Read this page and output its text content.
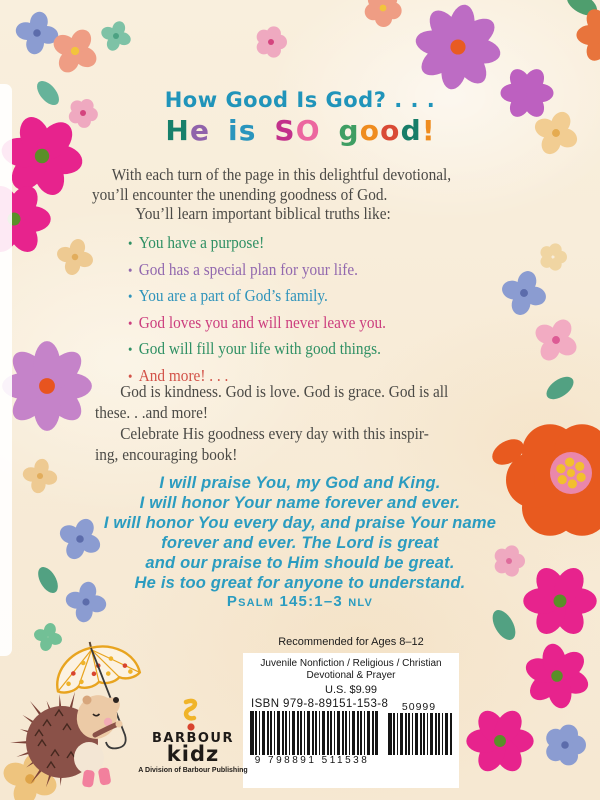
How Good Is God? . . .
He is SO good!
With each turn of the page in this delightful devotional,
you’ll encounter the unending goodness of God.
You’ll learn important biblical truths like:
• You have a purpose!
• God has a special plan for your life.
• You are a part of God’s family.
• God loves you and will never leave you.
• God will fill your life with good things.
• And more! . . .
God is kindness. God is love. God is grace. God is all
these. . .and more!
Celebrate His goodness every day with this inspir-
ing, encouraging book!
I will praise You, my God and King.
I will honor Your name forever and ever.
I will honor You every day, and praise Your name
forever and ever. The Lord is great
and our praise to Him should be great.
He is too great for anyone to understand.
Psalm 145:1–3 nlv
Recommended for Ages 8–12
Juvenile Nonfiction / Religious / Christian
Devotional & Prayer
U.S. $9.99
ISBN 979-8-89151-153-8
9 798891 511538
50999
BARBOUR
kidz
A Division of Barbour Publishing
